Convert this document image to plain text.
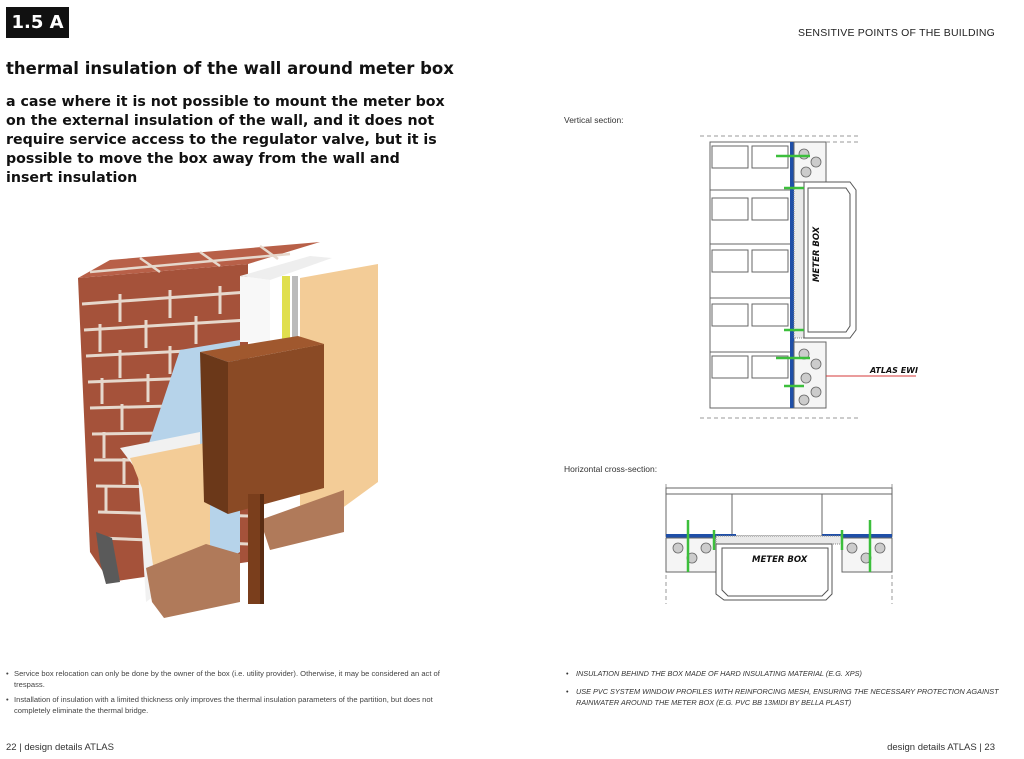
1.5 A	SENSITIVE POINTS OF THE BUILDING
thermal insulation of the wall around meter box
a case where it is not possible to mount the meter box on the external insulation of the wall, and it does not require service access to the regulator valve, but it is possible to move the box away from the wall and insert insulation
Vertical section:
METER BOX
ATLAS EWI
Horizontal cross-section:
METER BOX
• Service box relocation can only be done by the owner of the box (i.e. utility provider). Otherwise, it may be considered an act of trespass.
• Installation of insulation with a limited thickness only improves the thermal insulation parameters of the partition, but does not completely eliminate the thermal bridge.
• INSULATION BEHIND THE BOX MADE OF HARD INSULATING MATERIAL (E.G. XPS)
• USE PVC SYSTEM WINDOW PROFILES WITH REINFORCING MESH, ENSURING THE NECESSARY PROTECTION AGAINST RAINWATER AROUND THE METER BOX (E.G. PVC BB 13MIDI BY BELLA PLAST)
22 | design details ATLAS	design details ATLAS | 23
